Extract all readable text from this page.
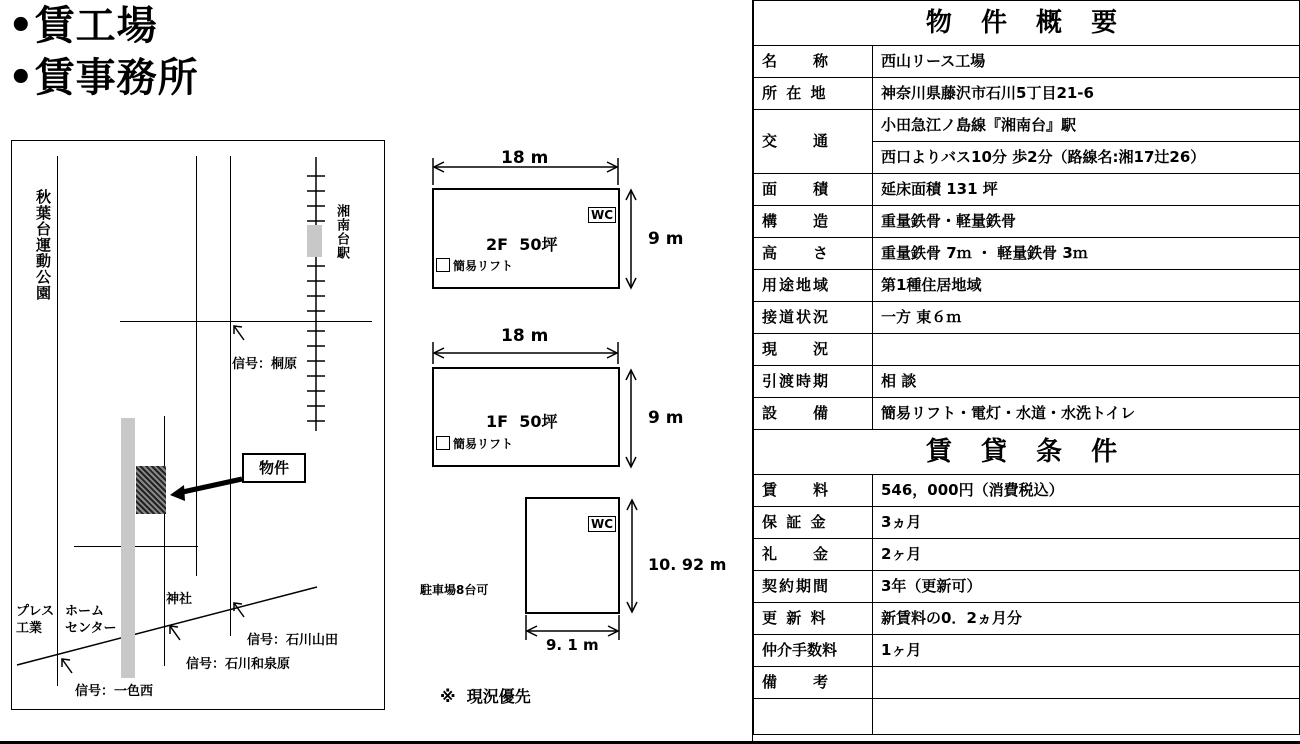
•賃工場
•賃事務所
物件
秋葉台運動公園	湘南台駅
信号：桐原
神社
信号：石川山田
信号：石川和泉原
信号：一色西
プレス
工業
ホーム
センター
18 m
WC
2F  50坪
簡易リフト
9 m
18 m
1F  50坪
簡易リフト
9 m
WC
10. 92 m
9. 1 m
駐車場8台可
※  現況優先
物 件 概 要	
名　　称	西山リース工場
所 在 地	神奈川県藤沢市石川5丁目21-6
交　　通	小田急江ノ島線『湘南台』駅
	西口よりバス10分 歩2分（路線名:湘17辻26）
面　　積	延床面積 131 坪
構　　造	重量鉄骨・軽量鉄骨
高　　さ	重量鉄骨 7ｍ ・ 軽量鉄骨 3ｍ
用途地域	第1種住居地域
接道状況	一方 東６ｍ
現　　況	
引渡時期	相 談
設　　備	簡易リフト・電灯・水道・水洗トイレ
賃 貸 条 件	
賃　　料	546，000円（消費税込）
保 証 金	3ヵ月
礼　　金	2ヶ月
契約期間	3年（更新可）
更 新 料	新賃料の0．2ヵ月分
仲介手数料	1ヶ月
備　　考	
